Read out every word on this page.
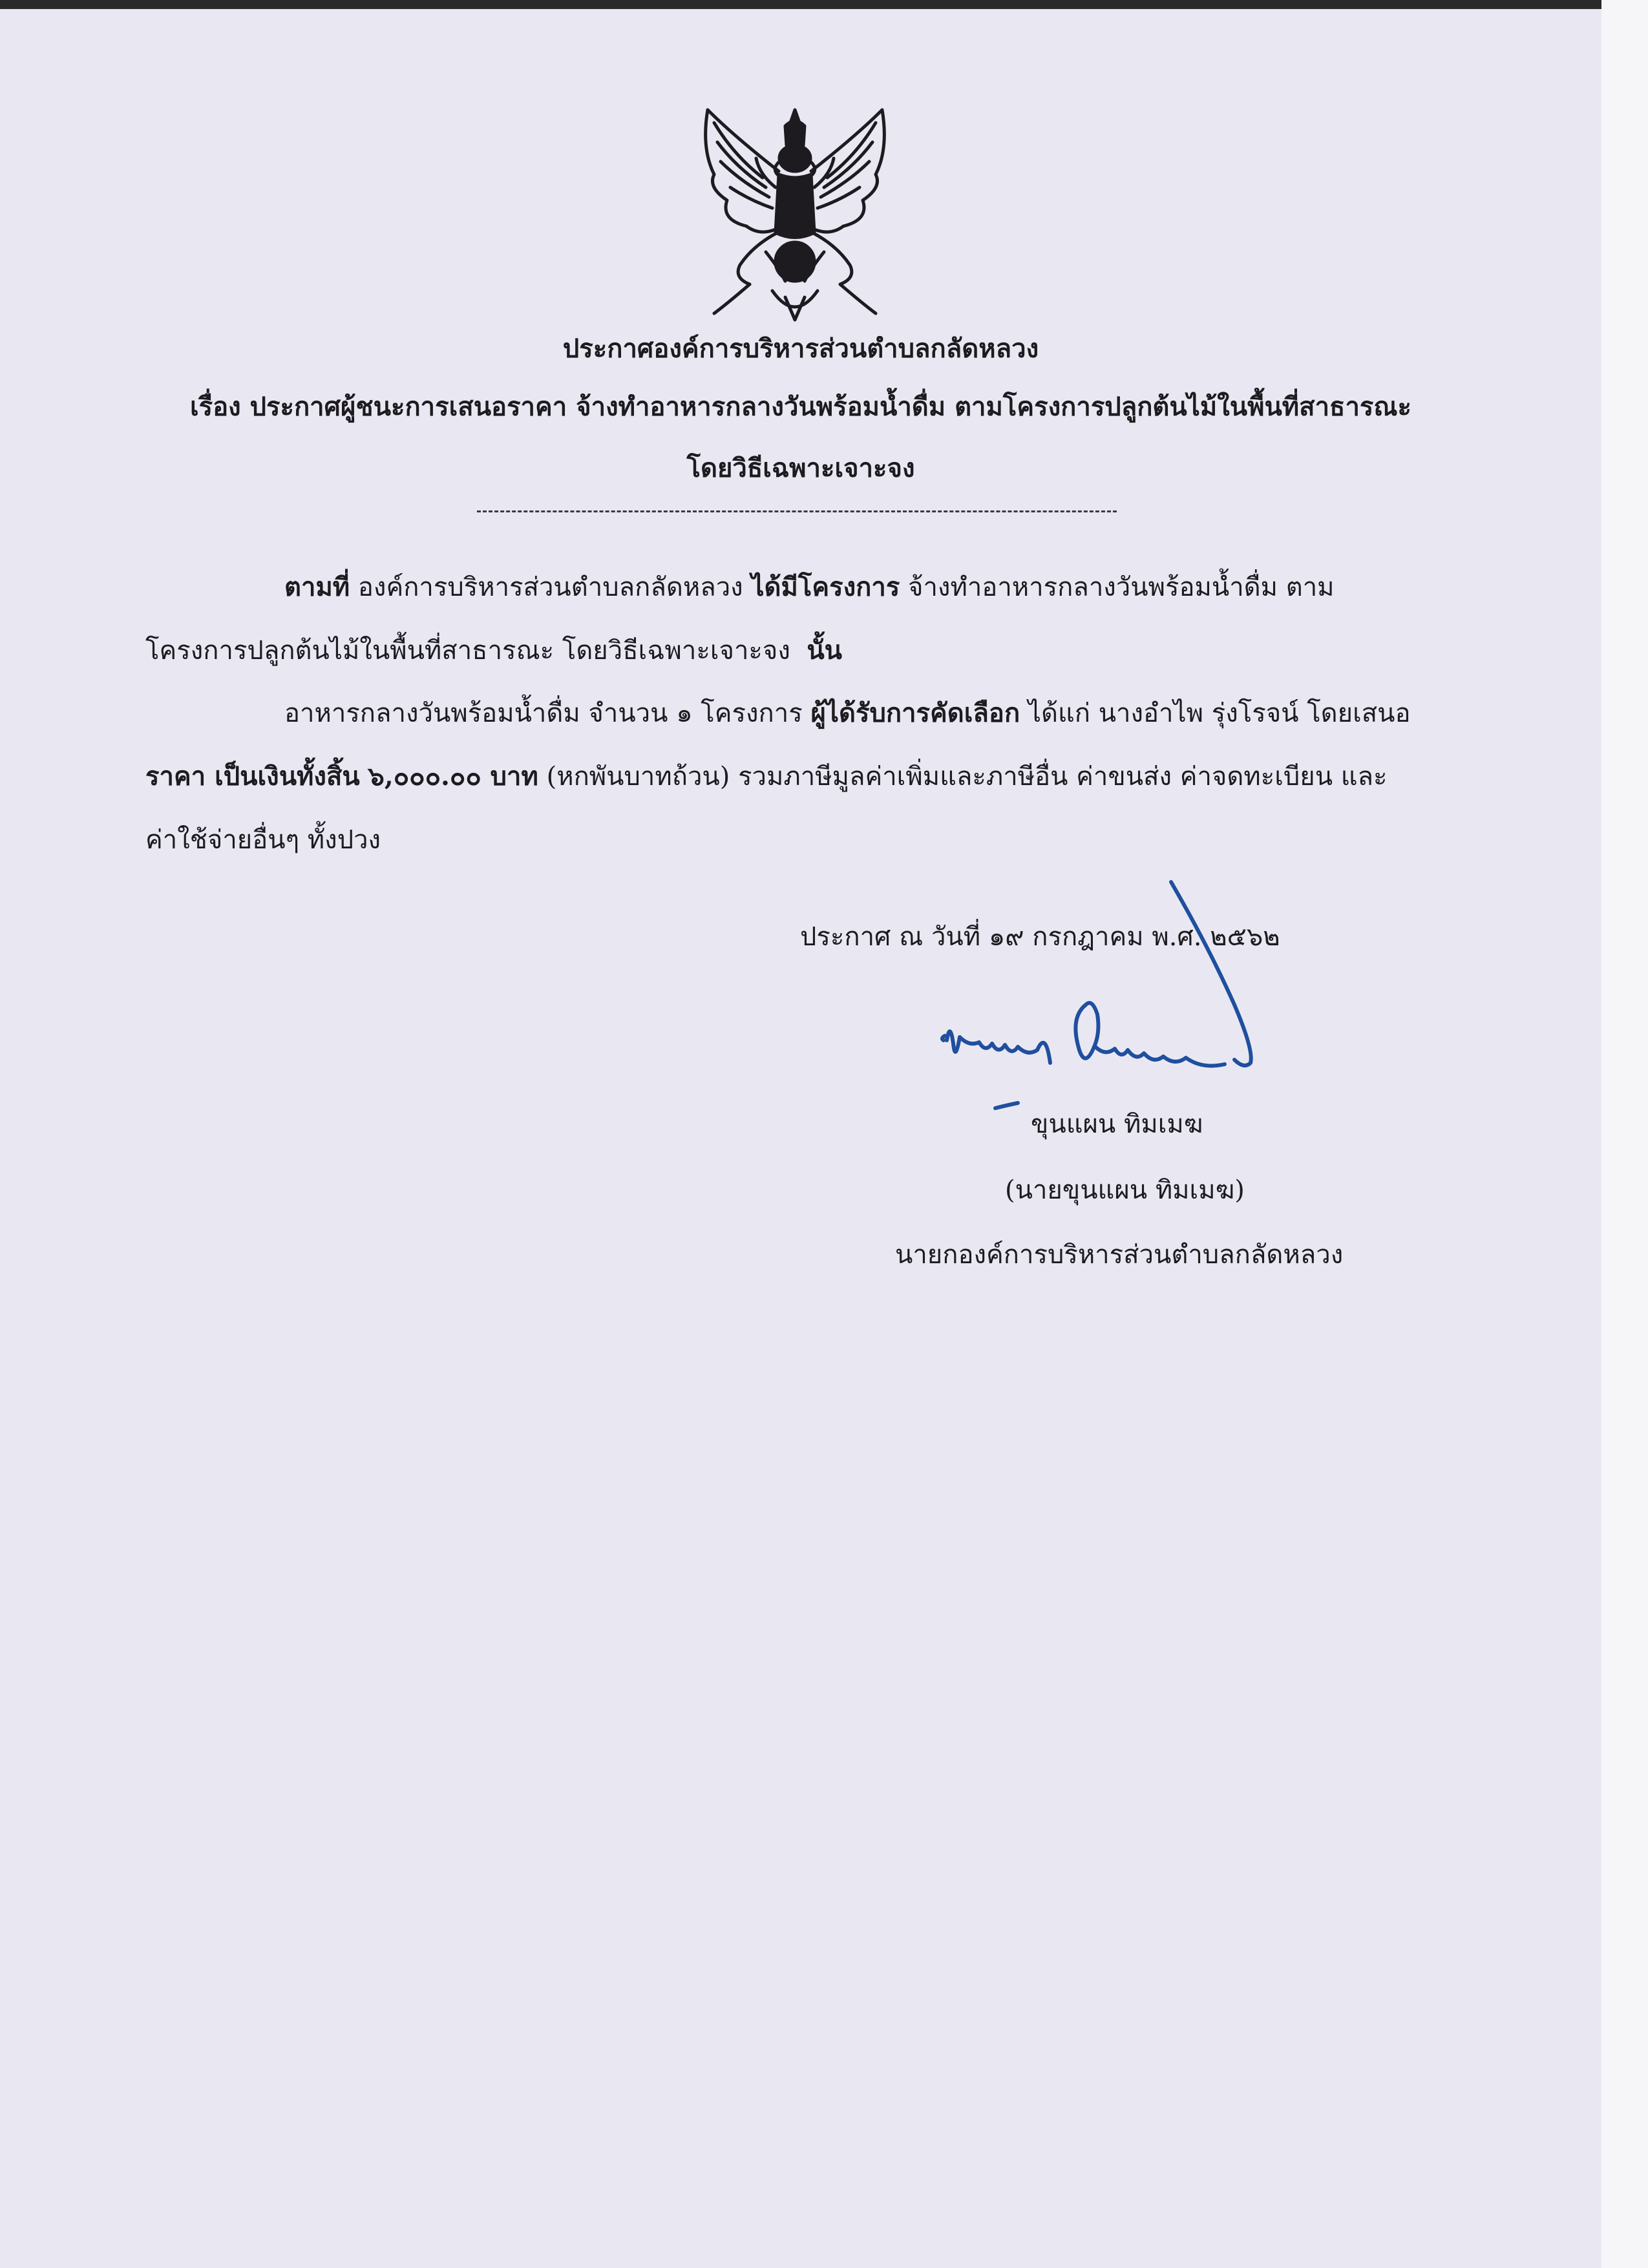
ประกาศองค์การบริหารส่วนตำบลกลัดหลวง
เรื่อง ประกาศผู้ชนะการเสนอราคา จ้างทำอาหารกลางวันพร้อมน้ำดื่ม ตามโครงการปลูกต้นไม้ในพื้นที่สาธารณะ
โดยวิธีเฉพาะเจาะจง
ตามที่ องค์การบริหารส่วนตำบลกลัดหลวง ได้มีโครงการ จ้างทำอาหารกลางวันพร้อมน้ำดื่ม ตาม
โครงการปลูกต้นไม้ในพื้นที่สาธารณะ โดยวิธีเฉพาะเจาะจง นั้น
อาหารกลางวันพร้อมน้ำดื่ม จำนวน ๑ โครงการ ผู้ได้รับการคัดเลือก ได้แก่ นางอำไพ รุ่งโรจน์ โดยเสนอ
ราคา เป็นเงินทั้งสิ้น ๖,๐๐๐.๐๐ บาท (หกพันบาทถ้วน) รวมภาษีมูลค่าเพิ่มและภาษีอื่น ค่าขนส่ง ค่าจดทะเบียน และ
ค่าใช้จ่ายอื่นๆ ทั้งปวง
ประกาศ ณ วันที่ ๑๙ กรกฎาคม พ.ศ. ๒๕๖๒
ขุนแผน ทิมเมฆ
(นายขุนแผน ทิมเมฆ)
นายกองค์การบริหารส่วนตำบลกลัดหลวง
